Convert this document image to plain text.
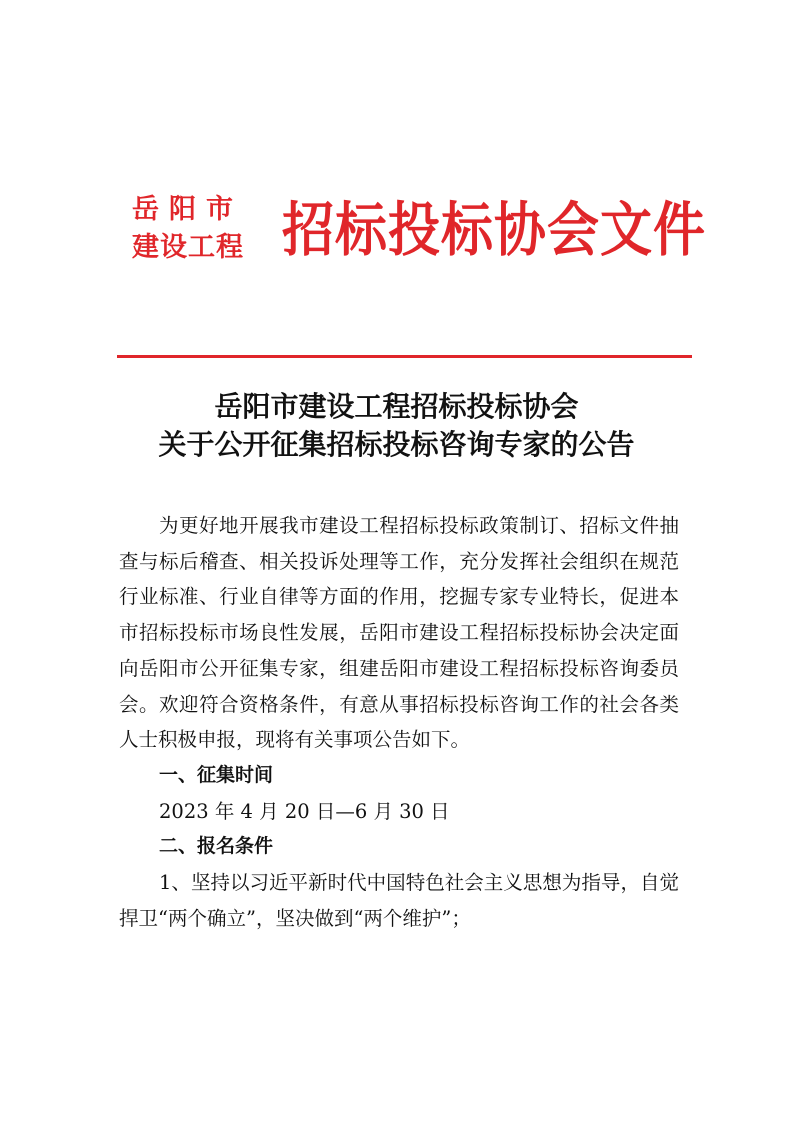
岳阳市
建设工程 招标投标协会文件
岳阳市建设工程招标投标协会
关于公开征集招标投标咨询专家的公告

为更好地开展我市建设工程招标投标政策制订、招标文件抽查与标后稽查、相关投诉处理等工作，充分发挥社会组织在规范行业标准、行业自律等方面的作用，挖掘专家专业特长，促进本市招标投标市场良性发展，岳阳市建设工程招标投标协会决定面向岳阳市公开征集专家，组建岳阳市建设工程招标投标咨询委员会。欢迎符合资格条件，有意从事招标投标咨询工作的社会各类人士积极申报，现将有关事项公告如下。

一、征集时间

2023 年 4 月 20 日—6 月 30 日

二、报名条件

1、坚持以习近平新时代中国特色社会主义思想为指导，自觉捍卫“两个确立”，坚决做到“两个维护”；
